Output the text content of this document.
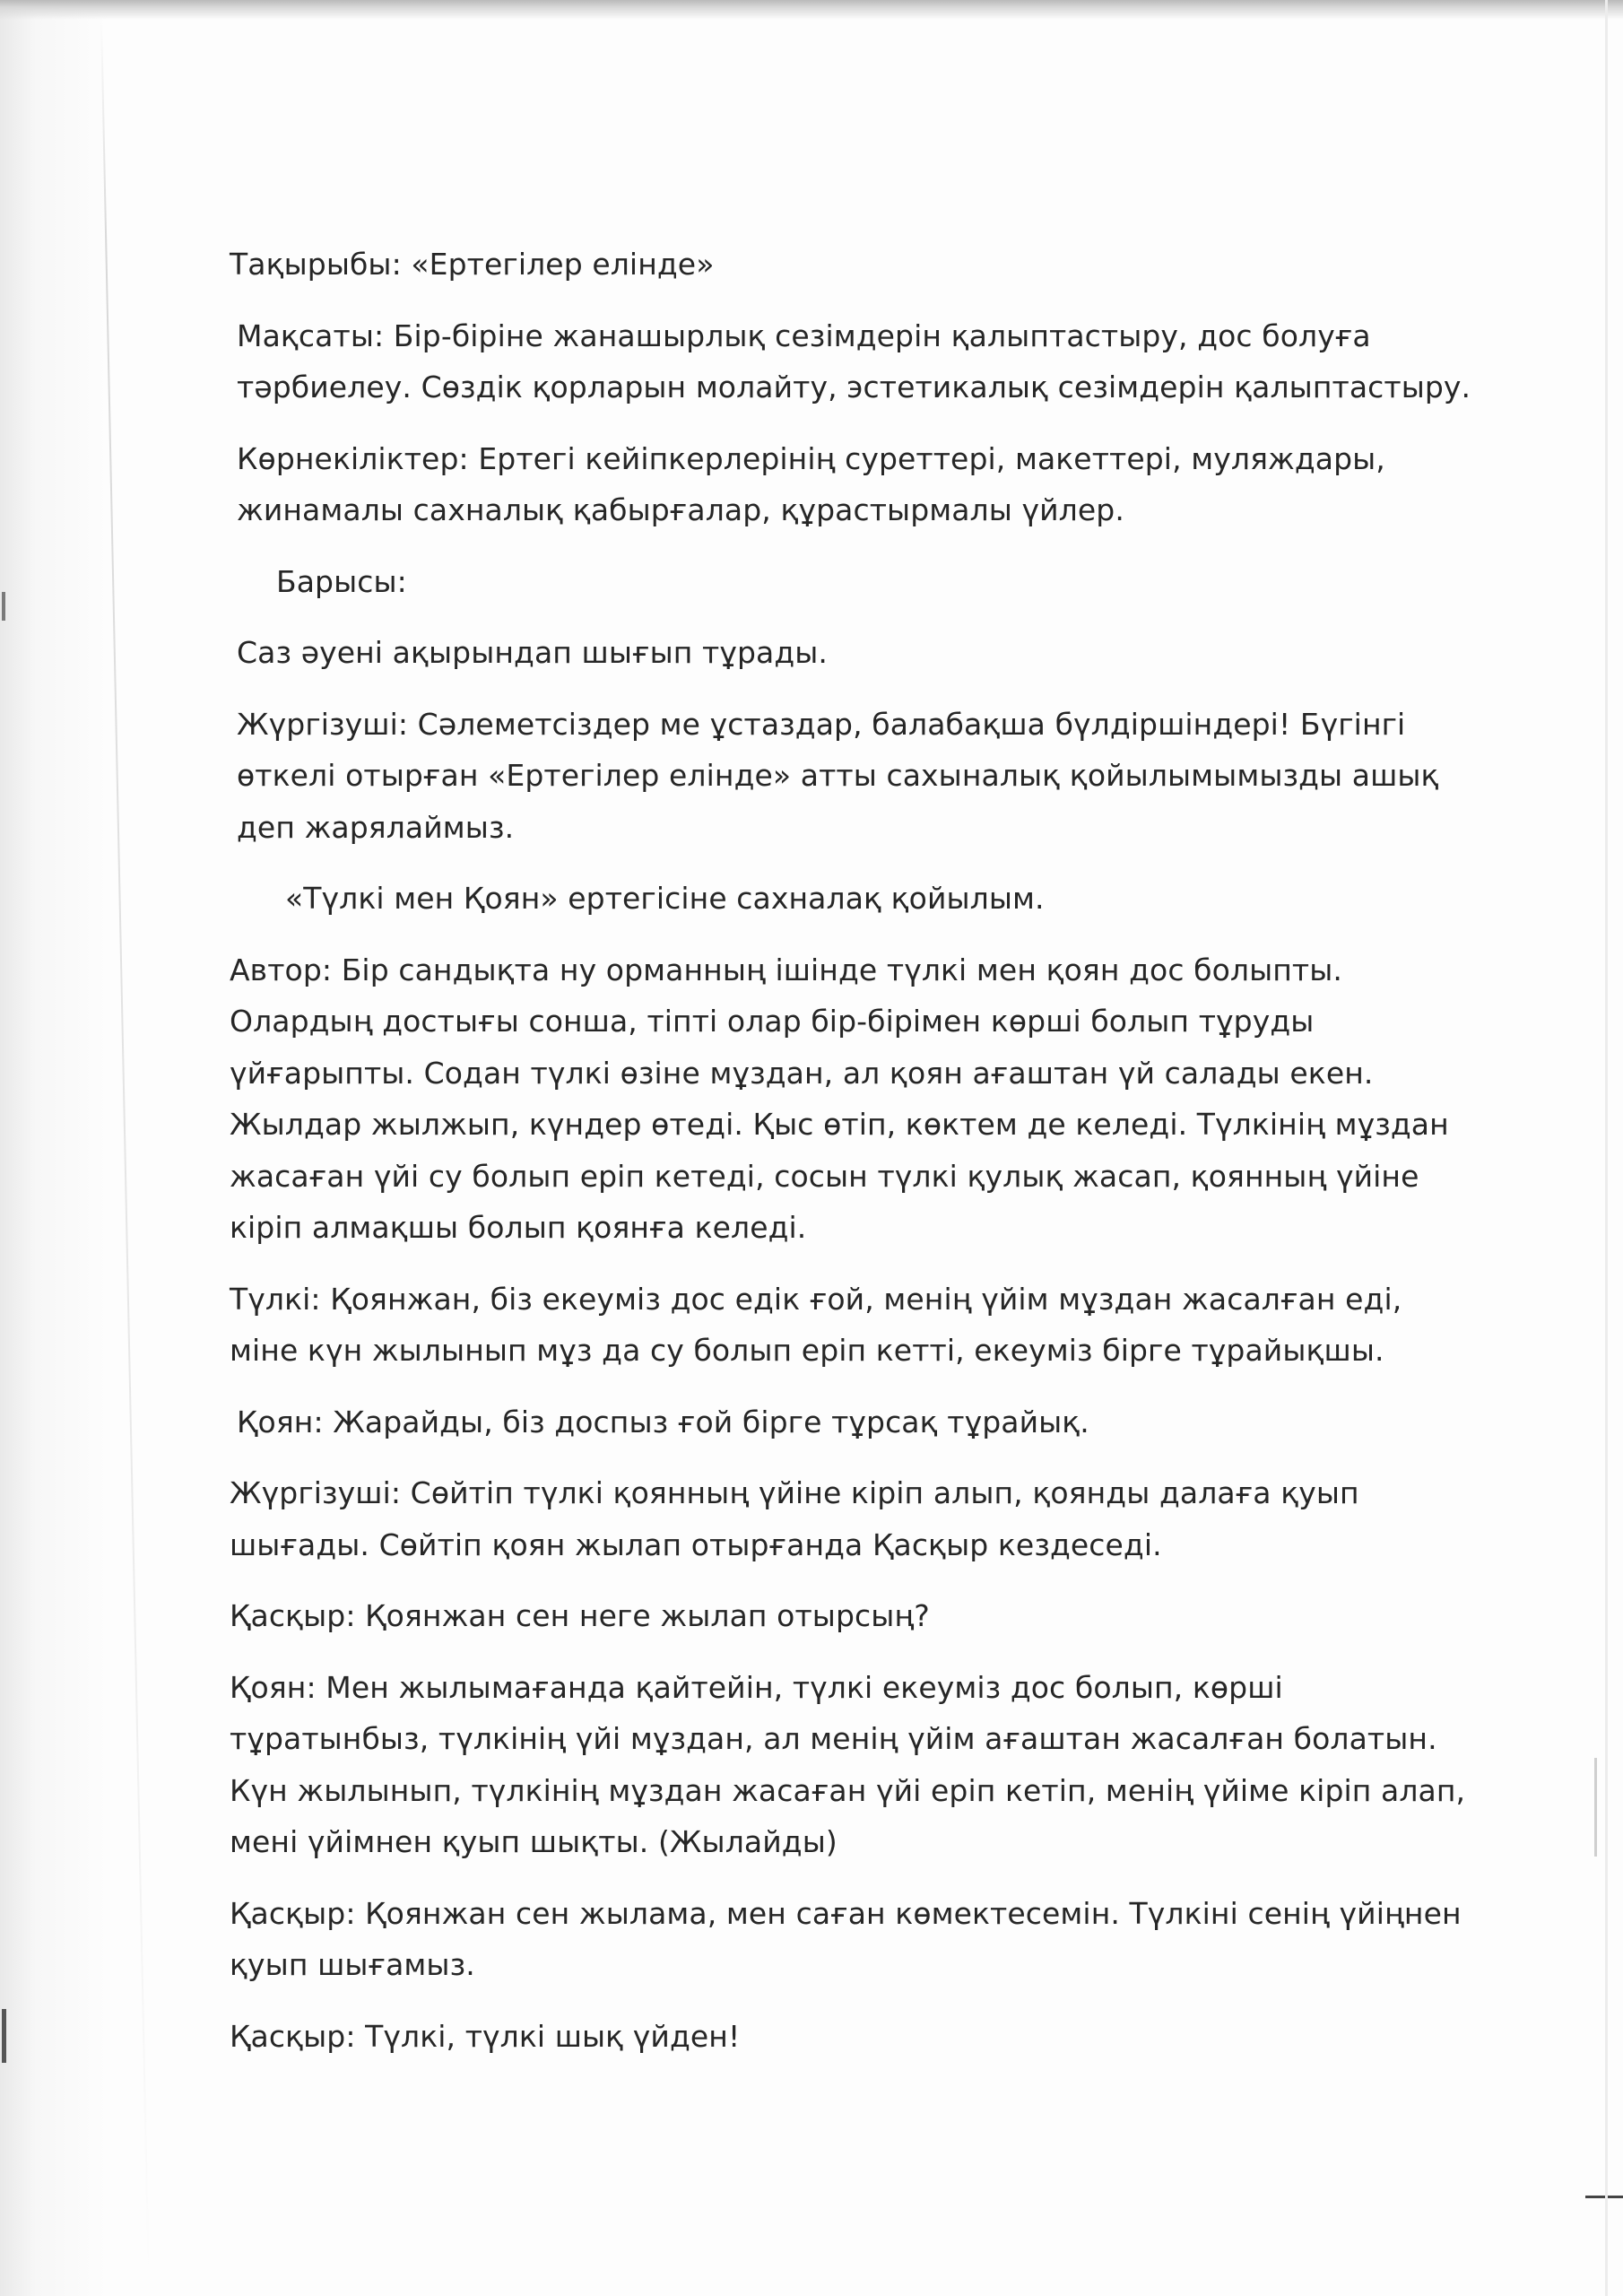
Тақырыбы: «Ертегілер елінде»

Мақсаты: Бір-біріне жанашырлық сезімдерін қалыптастыру, дос болуға
тәрбиелеу. Сөздік қорларын молайту, эстетикалық сезімдерін қалыптастыру.

Көрнекіліктер: Ертегі кейіпкерлерінің суреттері, макеттері, муляждары,
жинамалы сахналық қабырғалар, құрастырмалы үйлер.

Барысы:

Саз әуені ақырындап шығып тұрады.

Жүргізуші: Сәлеметсіздер ме ұстаздар, балабақша бүлдіршіндері! Бүгінгі
өткелі отырған «Ертегілер елінде» атты сахыналық қойылымымызды ашық
деп жарялаймыз.

«Түлкі мен Қоян» ертегісіне сахналақ қойылым.

Автор: Бір сандықта ну орманның ішінде түлкі мен қоян дос болыпты.
Олардың достығы сонша, тіпті олар бір-бірімен көрші болып тұруды
үйғарыпты. Содан түлкі өзіне мұздан, ал қоян ағаштан үй салады екен.
Жылдар жылжып, күндер өтеді. Қыс өтіп, көктем де келеді. Түлкінің мұздан
жасаған үйі су болып еріп кетеді, сосын түлкі қулық жасап, қоянның үйіне
кіріп алмақшы болып қоянға келеді.

Түлкі: Қоянжан, біз екеуміз дос едік ғой, менің үйім мұздан жасалған еді,
міне күн жылынып мұз да су болып еріп кетті, екеуміз бірге тұрайықшы.

Қоян: Жарайды, біз доспыз ғой бірге тұрсақ тұрайық.

Жүргізуші: Сөйтіп түлкі қоянның үйіне кіріп алып, қоянды далаға қуып
шығады. Сөйтіп қоян жылап отырғанда Қасқыр кездеседі.

Қасқыр: Қоянжан сен неге жылап отырсың?

Қоян: Мен жылымағанда қайтейін, түлкі екеуміз дос болып, көрші
тұратынбыз, түлкінің үйі мұздан, ал менің үйім ағаштан жасалған болатын.
Күн жылынып, түлкінің мұздан жасаған үйі еріп кетіп, менің үйіме кіріп алап,
мені үйімнен қуып шықты. (Жылайды)

Қасқыр: Қоянжан сен жылама, мен саған көмектесемін. Түлкіні сенің үйіңнен
қуып шығамыз.

Қасқыр: Түлкі, түлкі шық үйден!
